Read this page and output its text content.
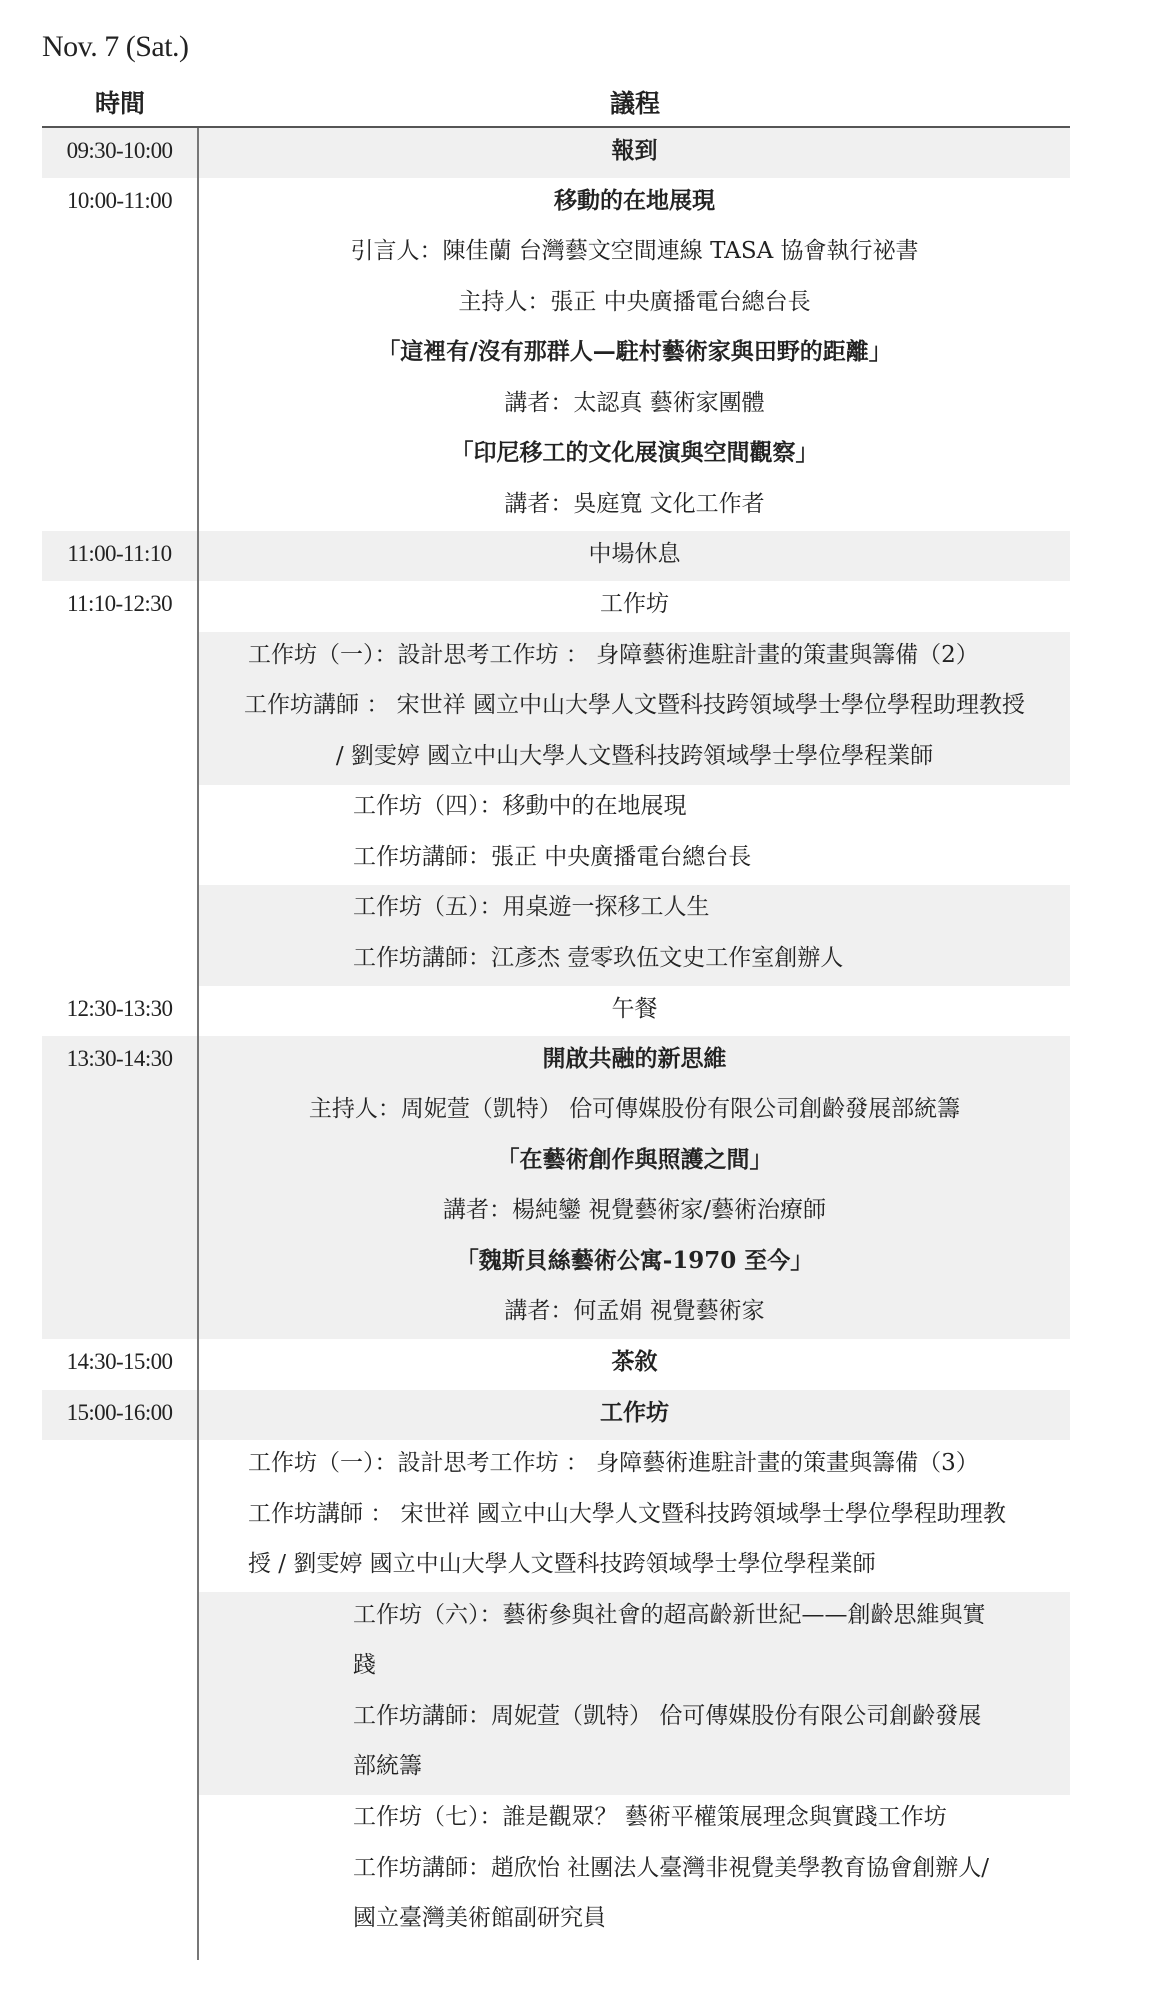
Nov. 7 (Sat.)
時間	議程
09:30-10:00
10:00-11:00
11:00-11:10
11:10-12:30
12:30-13:30
13:30-14:30
14:30-15:00
15:00-16:00
報到
移動的在地展現
引言人：陳佳蘭 台灣藝文空間連線 TASA 協會執行祕書
主持人：張正 中央廣播電台總台長
「這裡有/沒有那群人—駐村藝術家與田野的距離」
講者：太認真 藝術家團體
「印尼移工的文化展演與空間觀察」
講者：吳庭寬 文化工作者
中場休息
工作坊
工作坊（一）：設計思考工作坊 ： 身障藝術進駐計畫的策畫與籌備（2）
工作坊講師 ： 宋世祥 國立中山大學人文暨科技跨領域學士學位學程助理教授
/ 劉雯婷 國立中山大學人文暨科技跨領域學士學位學程業師
工作坊（四）：移動中的在地展現
工作坊講師：張正 中央廣播電台總台長
工作坊（五）：用桌遊一探移工人生
工作坊講師：江彥杰 壹零玖伍文史工作室創辦人
午餐
開啟共融的新思維
主持人：周妮萱（凱特） 佮可傳媒股份有限公司創齡發展部統籌
「在藝術創作與照護之間」
講者：楊純鑾 視覺藝術家/藝術治療師
「魏斯貝絲藝術公寓-1970 至今」
講者：何孟娟 視覺藝術家
茶敘
工作坊
工作坊（一）：設計思考工作坊 ： 身障藝術進駐計畫的策畫與籌備（3）
工作坊講師 ： 宋世祥 國立中山大學人文暨科技跨領域學士學位學程助理教
授 / 劉雯婷 國立中山大學人文暨科技跨領域學士學位學程業師
工作坊（六）：藝術參與社會的超高齡新世紀——創齡思維與實
踐
工作坊講師：周妮萱（凱特） 佮可傳媒股份有限公司創齡發展
部統籌
工作坊（七）：誰是觀眾？ 藝術平權策展理念與實踐工作坊
工作坊講師：趙欣怡 社團法人臺灣非視覺美學教育協會創辦人/
國立臺灣美術館副研究員
